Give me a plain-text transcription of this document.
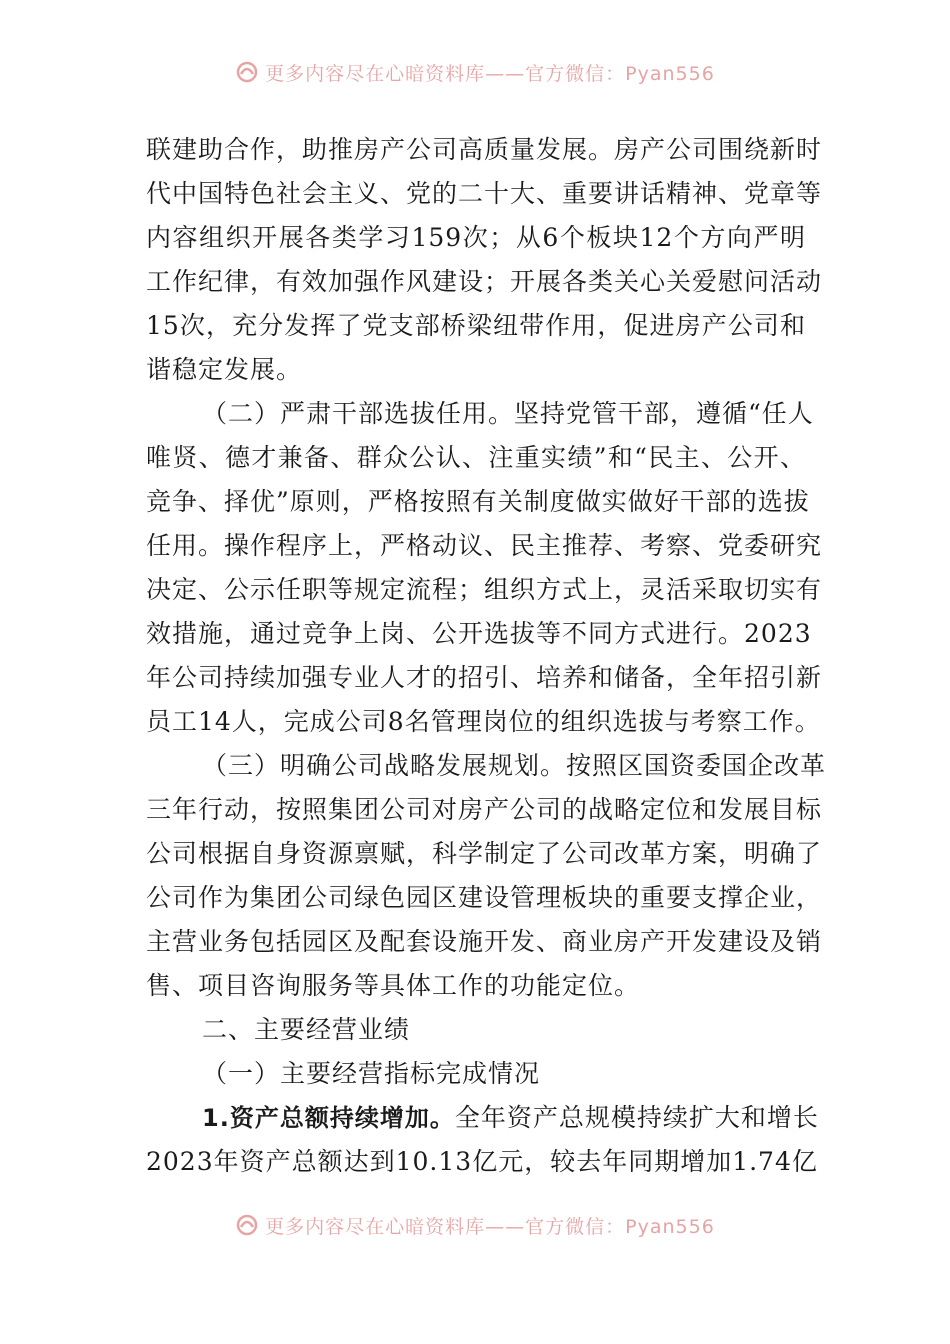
更多内容尽在心暗资料库——官方微信：Pyan556
联建助合作，助推房产公司高质量发展。房产公司围绕新时
代中国特色社会主义、党的二十大、重要讲话精神、党章等
内容组织开展各类学习159次；从6个板块12个方向严明
工作纪律，有效加强作风建设；开展各类关心关爱慰问活动
15次，充分发挥了党支部桥梁纽带作用，促进房产公司和
谐稳定发展。
（二）严肃干部选拔任用。坚持党管干部，遵循“任人
唯贤、德才兼备、群众公认、注重实绩”和“民主、公开、
竞争、择优”原则，严格按照有关制度做实做好干部的选拔
任用。操作程序上，严格动议、民主推荐、考察、党委研究
决定、公示任职等规定流程；组织方式上，灵活采取切实有
效措施，通过竞争上岗、公开选拔等不同方式进行。2023
年公司持续加强专业人才的招引、培养和储备，全年招引新
员工14人，完成公司8名管理岗位的组织选拔与考察工作。
（三）明确公司战略发展规划。按照区国资委国企改革
三年行动，按照集团公司对房产公司的战略定位和发展目标
公司根据自身资源禀赋，科学制定了公司改革方案，明确了
公司作为集团公司绿色园区建设管理板块的重要支撑企业，
主营业务包括园区及配套设施开发、商业房产开发建设及销
售、项目咨询服务等具体工作的功能定位。
二、主要经营业绩
（一）主要经营指标完成情况
1.资产总额持续增加。全年资产总规模持续扩大和增长
2023年资产总额达到10.13亿元，较去年同期增加1.74亿
更多内容尽在心暗资料库——官方微信：Pyan556
